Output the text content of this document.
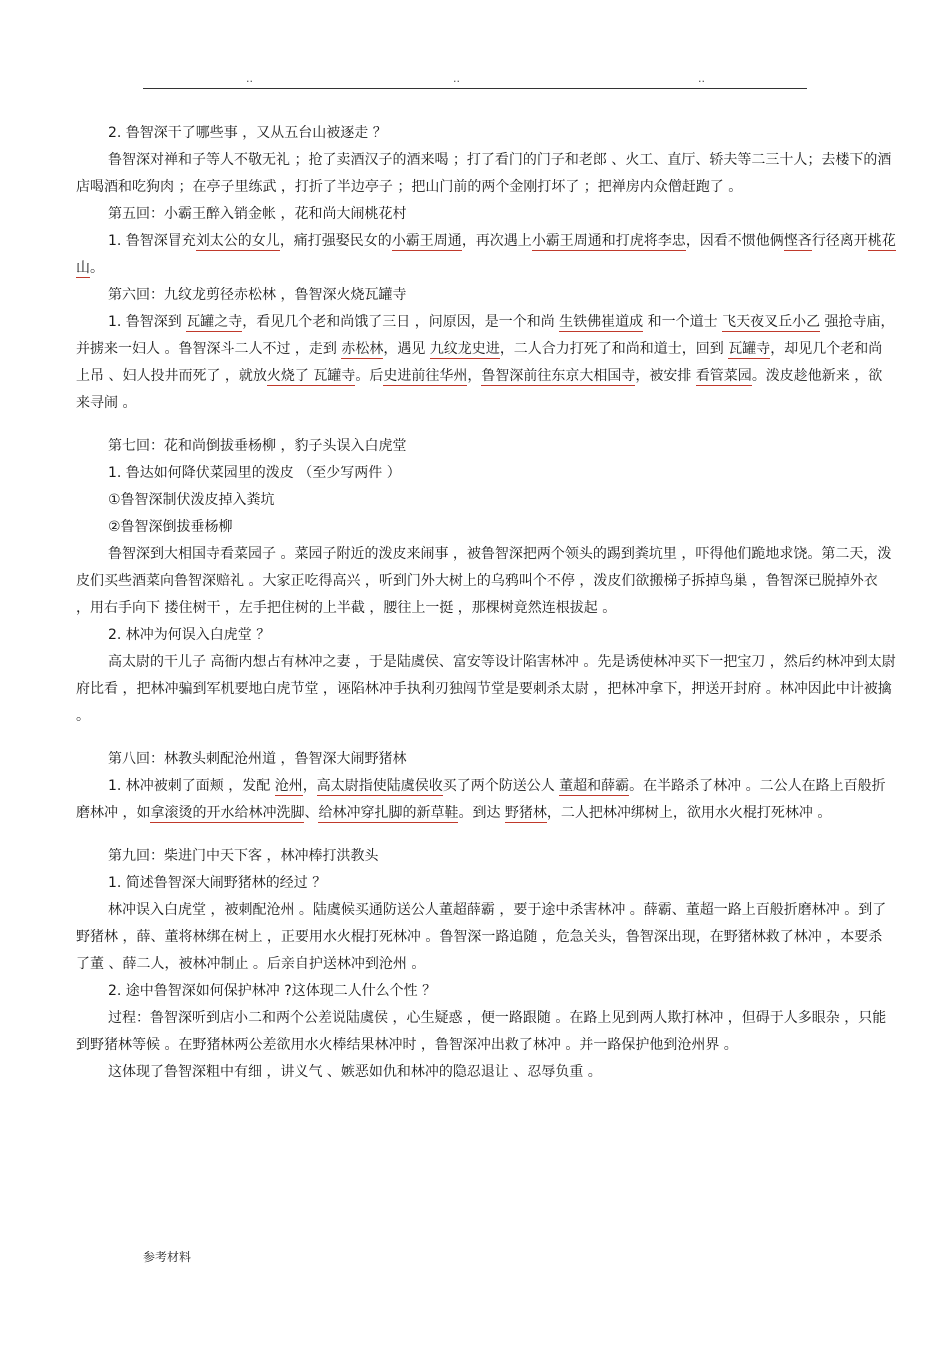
..	..	..

2. 鲁智深干了哪些事 ，又从五台山被逐走 ？

鲁智深对禅和子等人不敬无礼 ；抢了卖酒汉子的酒来喝 ；打了看门的门子和老郎 、火工、直厅、轿夫等二三十人；去楼下的酒店喝酒和吃狗肉 ；在亭子里练武 ，打折了半边亭子 ；把山门前的两个金刚打坏了 ；把禅房内众僧赶跑了 。

第五回：小霸王醉入销金帐 ，花和尚大闹桃花村

1. 鲁智深冒充刘太公的女儿，痛打强娶民女的小霸王周通，再次遇上小霸王周通和打虎将李忠，因看不惯他俩悭吝行径离开桃花山。

第六回：九纹龙剪径赤松林 ，鲁智深火烧瓦罐寺

1. 鲁智深到 瓦罐之寺，看见几个老和尚饿了三日 ，问原因，是一个和尚 生铁佛崔道成 和一个道士 飞天夜叉丘小乙 强抢寺庙，并掳来一妇人 。鲁智深斗二人不过 ，走到 赤松林，遇见 九纹龙史进，二人合力打死了和尚和道士，回到 瓦罐寺，却见几个老和尚上吊 、妇人投井而死了 ，就放火烧了 瓦罐寺。后史进前往华州，鲁智深前往东京大相国寺，被安排 看管菜园。泼皮趁他新来 ，欲来寻闹 。

第七回：花和尚倒拔垂杨柳 ，豹子头误入白虎堂

1. 鲁达如何降伏菜园里的泼皮 （至少写两件 ）

①鲁智深制伏泼皮掉入粪坑

②鲁智深倒拔垂杨柳

鲁智深到大相国寺看菜园子 。菜园子附近的泼皮来闹事 ，被鲁智深把两个领头的踢到粪坑里 ，吓得他们跪地求饶。第二天，泼皮们买些酒菜向鲁智深赔礼 。大家正吃得高兴 ，听到门外大树上的乌鸦叫个不停 ，泼皮们欲搬梯子拆掉鸟巢 ，鲁智深已脱掉外衣 ，用右手向下 搂住树干 ，左手把住树的上半截 ，腰往上一挺 ，那棵树竟然连根拔起 。

2. 林冲为何误入白虎堂 ？

高太尉的干儿子 高衙内想占有林冲之妻 ，于是陆虞侯、富安等设计陷害林冲 。先是诱使林冲买下一把宝刀 ，然后约林冲到太尉府比看 ，把林冲骗到军机要地白虎节堂 ，诬陷林冲手执利刃独闯节堂是要刺杀太尉 ，把林冲拿下，押送开封府 。林冲因此中计被擒 。

第八回：林教头刺配沧州道 ，鲁智深大闹野猪林

1. 林冲被刺了面颊 ，发配 沧州，高太尉指使陆虞侯收买了两个防送公人 董超和薛霸。在半路杀了林冲 。二公人在路上百般折磨林冲 ，如拿滚烫的开水给林冲洗脚、给林冲穿扎脚的新草鞋。到达 野猪林，二人把林冲绑树上，欲用水火棍打死林冲 。

第九回：柴进门中天下客 ，林冲棒打洪教头

1. 简述鲁智深大闹野猪林的经过 ？

林冲误入白虎堂 ，被刺配沧州 。陆虞候买通防送公人董超薛霸 ，要于途中杀害林冲 。薛霸、董超一路上百般折磨林冲 。到了野猪林 ，薛、董将林绑在树上 ，正要用水火棍打死林冲 。鲁智深一路追随 ，危急关头，鲁智深出现，在野猪林救了林冲 ，本要杀了董 、薛二人，被林冲制止 。后亲自护送林冲到沧州 。

2. 途中鲁智深如何保护林冲 ?这体现二人什么个性 ？

过程：鲁智深听到店小二和两个公差说陆虞侯 ，心生疑惑 ，便一路跟随 。在路上见到两人欺打林冲 ，但碍于人多眼杂 ，只能到野猪林等候 。在野猪林两公差欲用水火棒结果林冲时 ，鲁智深冲出救了林冲 。并一路保护他到沧州界 。

这体现了鲁智深粗中有细 ，讲义气 、嫉恶如仇和林冲的隐忍退让 、忍辱负重 。

参考材料
